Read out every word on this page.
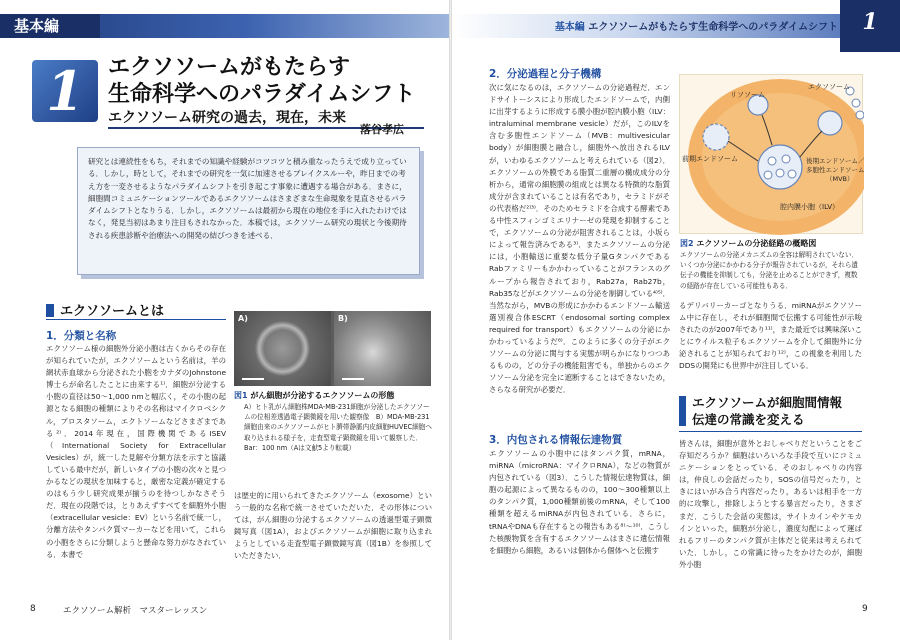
基本編	基本編 エクソソームがもたらす生命科学へのパラダイムシフト	1
1	エクソソームがもたらす
生命科学へのパラダイムシフト
エクソソーム研究の過去，現在，未来
落谷孝広
研究とは連続性をもち，それまでの知識や経験がコツコツと積み重なったうえで成り立っている．しかし，時として，それまでの研究を一気に加速させるブレイクスルーや，昨日までの考え方を一変させるようなパラダイムシフトを引き起こす事象に遭遇する場合がある．まさに，細胞間コミュニケーションツールであるエクソソームはさまざまな生命現象を見直させるパラダイムシフトとなりうる．しかし，エクソソームは最初から現在の地位を手に入れたわけではなく，発見当初はあまり注目もされなかった．本稿では，エクソソーム研究の現状と今後期待される疾患診断や治療法への開発の結びつきを述べる．
エクソソームとは
1．分類と名称
エクソソーム様の細胞外分泌小胞は古くからその存在が知られていたが，エクソソームという名前は，羊の網状赤血球から分泌された小胞をカナダのJohnstone博士らが命名したことに由来する¹⁾．細胞が分泌する小胞の直径は50～1,000 nmと幅広く，その小胞の起源となる細胞の種類によりその名称はマイクロベシクル，プロスタソーム，エクトソームなどさまざまである²⁾．2014年現在，国際機関であるISEV（International Society for Extracellular Vesicles）が，統一した見解や分類方法を示すと協議している最中だが，新しいタイプの小胞の次々と見つかるなどの現状を加味すると，厳密な定義が確定するのはもう少し研究成果が揃うのを待つしかなさそうだ．現在の段階では，とりあえずすべてを細胞外小胞（extracellular vesicle：EV）という名前で統一し，分離方法やタンパク質マーカーなどを用いて，これらの小胞をさらに分類しようと懸命な努力がなされている．本書で
は歴史的に用いられてきたエクソソーム（exosome）という一般的な名称で統一させていただいた．その形体については，がん細胞の分泌するエクソソームの透過型電子顕微鏡写真（図1A），およびエクソソームが細胞に取り込まれようとしている走査型電子顕微鏡写真（図1B）を参照していただきたい．
A)	B)
図1 がん細胞が分泌するエクソソームの形態
A）ヒト乳がん細胞株MDA-MB-231細胞が分泌したエクソソームの位相差透過電子顕微鏡を用いた観察像　B）MDA-MB-231細胞由来のエクソソームがヒト臍帯静脈内皮細胞HUVEC細胞へ取り込まれる様子を，走査型電子顕微鏡を用いて観察した．Bar：100 nm（Aは文献5より転載）
2．分泌過程と分子機構
次に気になるのは，エクソソームの分泌過程だ．エンドサイトーシスにより形成したエンドソームで，内側に出芽するように形成する膜小胞が腔内膜小胞（ILV：intraluminal membrane vesicle）だが，このILVを含む多胞性エンドソーム（MVB：multivesicular body）が細胞膜と融合し，細胞外へ放出されるILVが，いわゆるエクソソームと考えられている（図2）．エクソソームの外膜である脂質二重層の構成成分の分析から，通常の細胞膜の組成とは異なる特徴的な脂質成分が含まれていることは有名であり，セラミドがその代表格だ²⁾³⁾．そのためセラミドを合成する酵素である中性スフィンゴミエリナーゼの発現を抑制することで，エクソソームの分泌が阻害されることは，小坂らによって報告済みである³⁾．またエクソソームの分泌には，小胞輸送に重要な低分子量GタンパクであるRabファミリーもかかわっていることがフランスのグループから報告されており，Rab27a，Rab27b，Rab35などがエクソソームの分泌を制御している⁴⁾⁵⁾．当然ながら，MVBの形成にかかわるエンドソーム輸送選別複合体ESCRT（endosomal sorting complex required for transport）もエクソソームの分泌にかかわっているようだ⁶⁾．このように多くの分子がエクソソームの分泌に関与する実態が明らかになりつつあるものの，どの分子の機能阻害でも，単独からのエクソソーム分泌を完全に遮断することはできないため，さらなる研究が必要だ．
リソソーム
エクソソーム
前期エンドソーム	後期エンドソーム／ 多胞性エンドソーム （MVB）
腔内膜小胞（ILV）
図2 エクソソームの分泌経路の概略図
エクソソームの分泌メカニズムの全容は解明されていない．いくつか分泌にかかわる分子が報告されているが，それら遺伝子の機能を抑制しても，分泌を止めることができず，複数の経路が存在している可能性もある．
3．内包される情報伝達物質
エクソソームの小胞中にはタンパク質，mRNA，miRNA（microRNA：マイクロRNA），などの物質が内包されている（図3）．こうした情報伝達物質は，細胞の起源によって異なるものの，100～300種類以上のタンパク質，1,000種類前後のmRNA，そして100種類を超えるmiRNAが内包されている．さらに，tRNAやDNAも存在するとの報告もある⁸⁾～¹⁰⁾．こうした核酸物質を含有するエクソソームはまさに遺伝情報を細胞から細胞，あるいは個体から個体へと伝搬す
るデリバリーカーゴとなりうる．miRNAがエクソソーム中に存在し，それが細胞間で伝搬する可能性が示唆されたのが2007年であり¹¹⁾，また最近では興味深いことにウイルス粒子もエクソソームを介して細胞外に分泌されることが知られており¹²⁾，この視象を利用したDDSの開発にも世界中が注目している．
エクソソームが細胞間情報
伝達の常識を変える
皆さんは，細胞が意外とおしゃべりだということをご存知だろうか？細胞はいろいろな手段で互いにコミュニケーションをとっている．そのおしゃべりの内容は，仲良しの会話だったり，SOSの信号だったり，ときにはいがみ合う内容だったり，あるいは相手を一方的に攻撃し，排除しようとする暴言だったり，さまざまだ．こうした会話の実態は，サイトカインやケモカインといった，細胞が分泌し，濃度勾配によって運ばれるフリーのタンパク質が主体だと従来は考えられていた．しかし，この常識に待ったをかけたのが，細胞外小胞
8	エクソソーム解析　マスターレッスン	9
